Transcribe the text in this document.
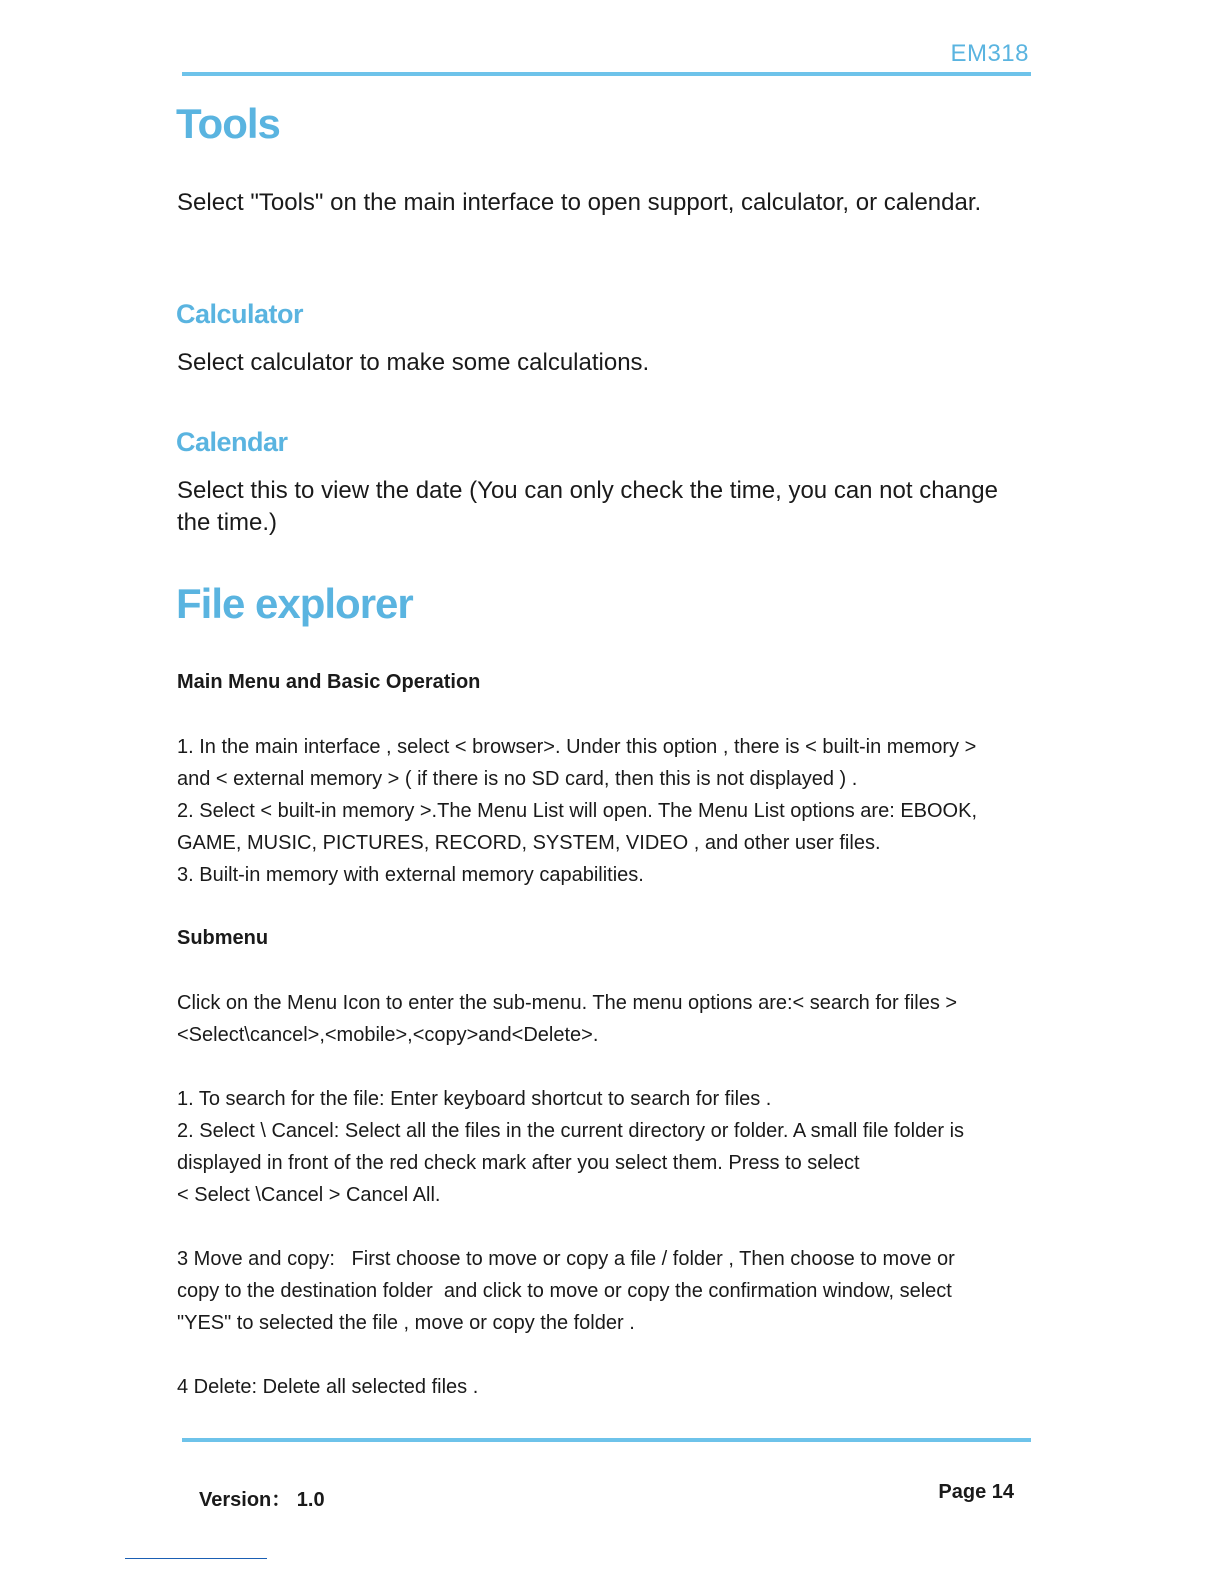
EM318
Tools
Select "Tools" on the main interface to open support, calculator, or calendar.
Calculator
Select calculator to make some calculations.
Calendar
Select this to view the date (You can only check the time, you can not change
the time.)
File explorer
Main Menu and Basic Operation
1. In the main interface , select < browser>. Under this option , there is < built-in memory >
and < external memory > ( if there is no SD card, then this is not displayed ) .
2. Select < built-in memory >.The Menu List will open. The Menu List options are: EBOOK,
GAME, MUSIC, PICTURES, RECORD, SYSTEM, VIDEO , and other user files.
3. Built-in memory with external memory capabilities.
Submenu
Click on the Menu Icon to enter the sub-menu. The menu options are:< search for files >
<Select\cancel>,<mobile>,<copy>and<Delete>.
1. To search for the file: Enter keyboard shortcut to search for files .
2. Select \ Cancel: Select all the files in the current directory or folder. A small file folder is
displayed in front of the red check mark after you select them. Press to select
< Select \Cancel > Cancel All.
3 Move and copy:   First choose to move or copy a file / folder , Then choose to move or
copy to the destination folder  and click to move or copy the confirmation window, select
"YES" to selected the file , move or copy the folder .
4 Delete: Delete all selected files .
Version： 1.0	Page 14
